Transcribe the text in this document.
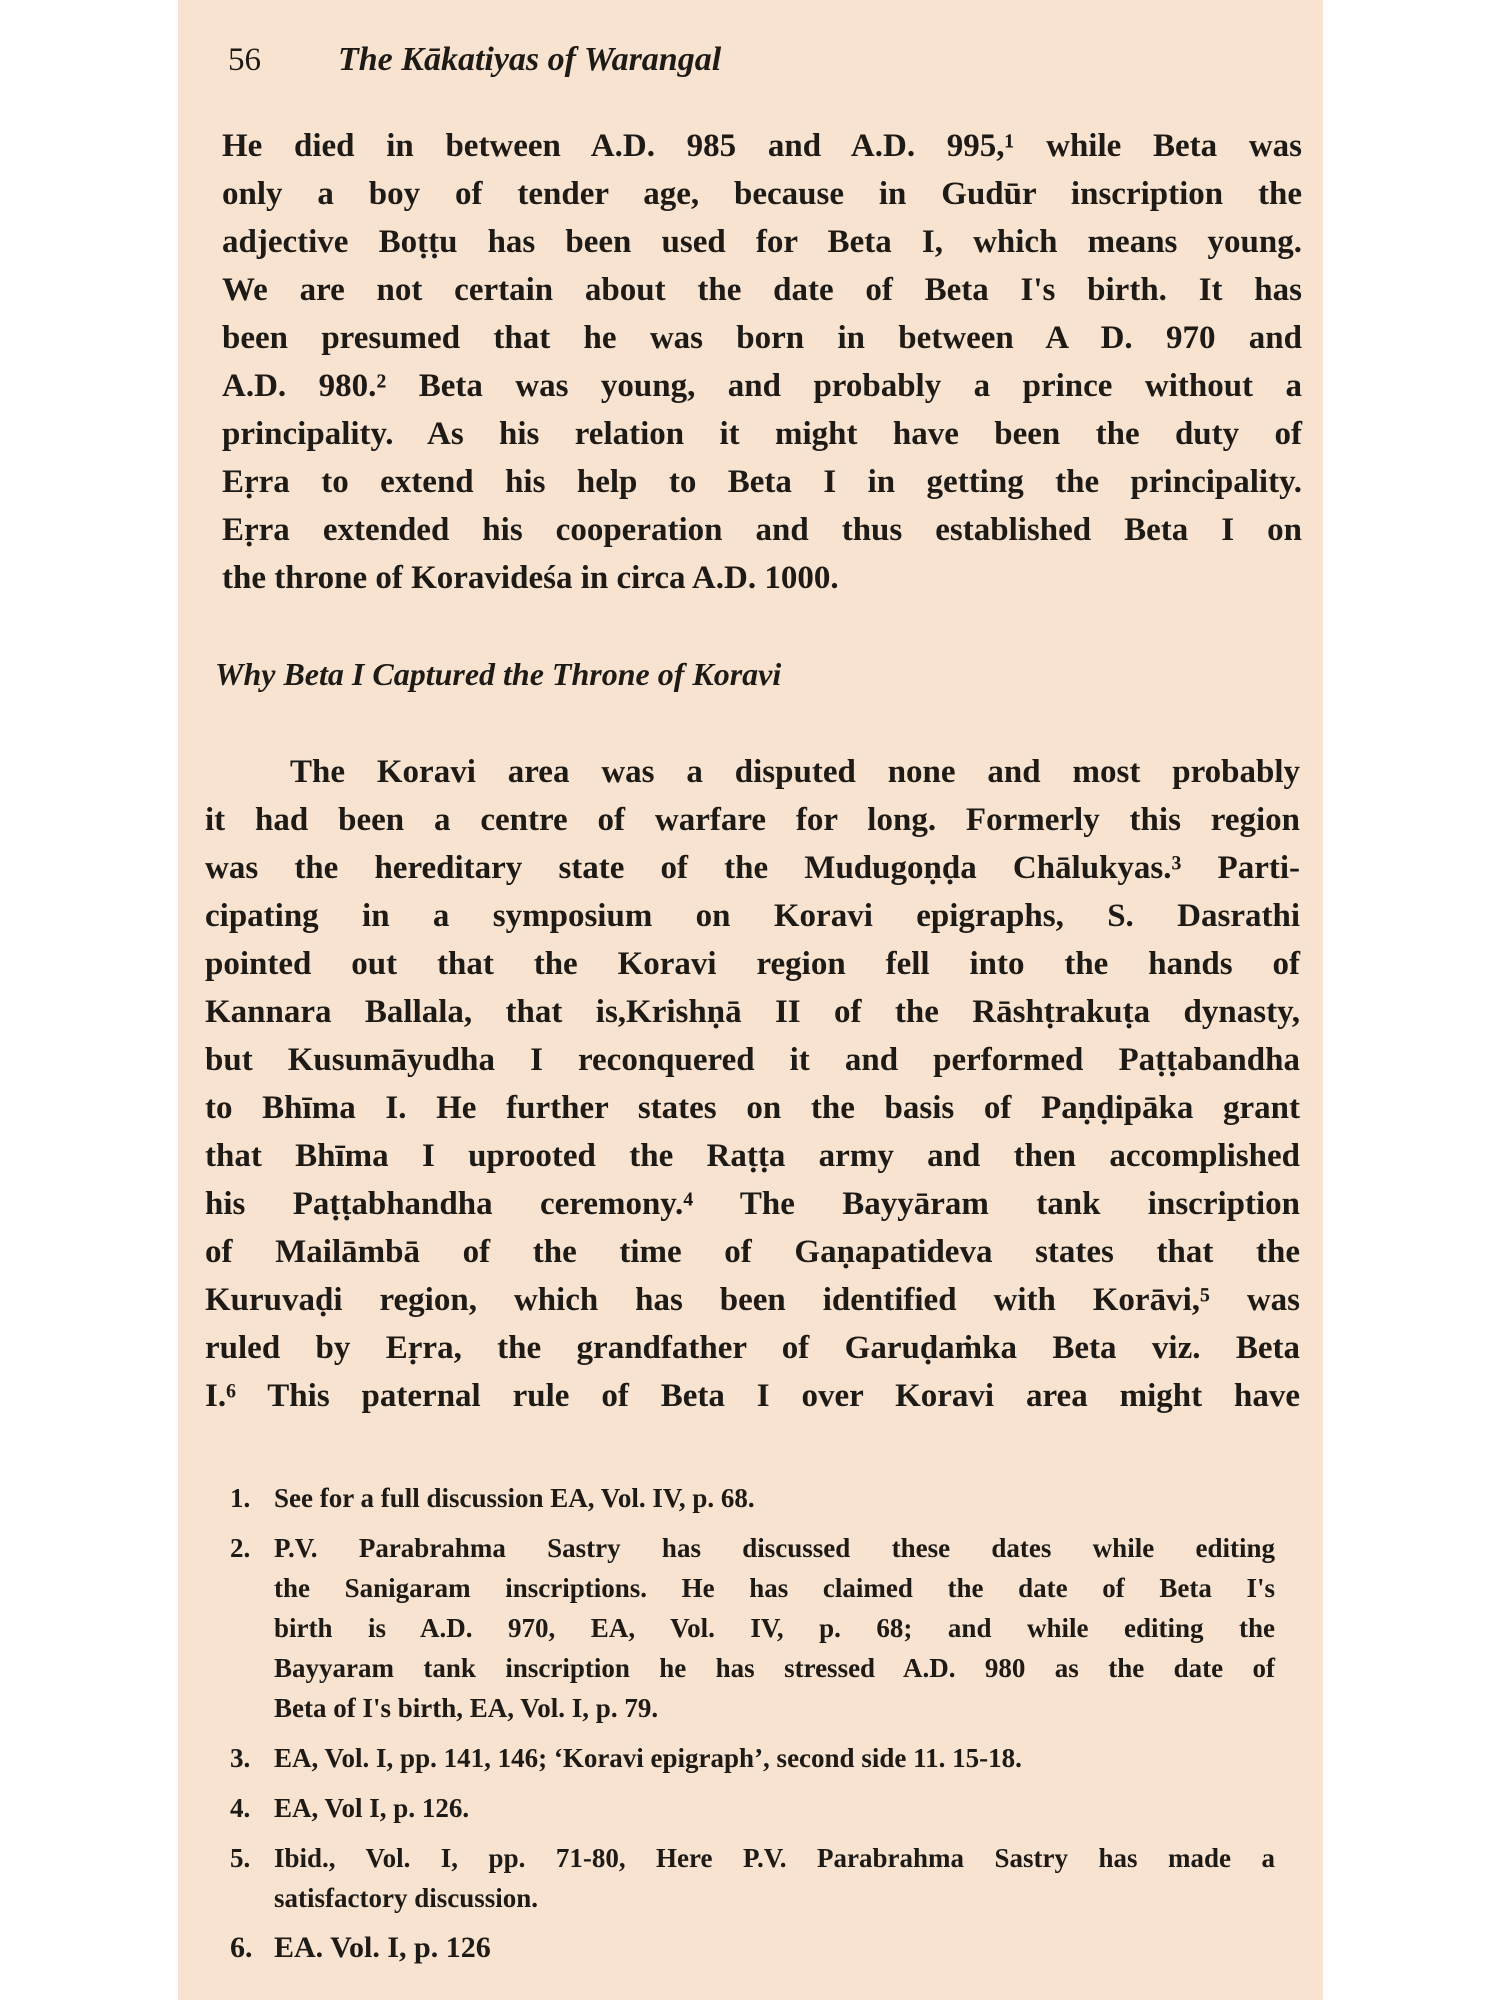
56 The Kākatiyas of Warangal
He died in between A.D. 985 and A.D. 995,¹ while Beta was
only a boy of tender age, because in Gudūr inscription the
adjective Boṭṭu has been used for Beta I, which means young.
We are not certain about the date of Beta I's birth. It has
been presumed that he was born in between A D. 970 and
A.D. 980.² Beta was young, and probably a prince without a
principality. As his relation it might have been the duty of
Eṛra to extend his help to Beta I in getting the principality.
Eṛra extended his cooperation and thus established Beta I on
the throne of Koravideśa in circa A.D. 1000.
Why Beta I Captured the Throne of Koravi
The Koravi area was a disputed none and most probably
it had been a centre of warfare for long. Formerly this region
was the hereditary state of the Mudugoṇḍa Chālukyas.³ Parti-
cipating in a symposium on Koravi epigraphs, S. Dasrathi
pointed out that the Koravi region fell into the hands of
Kannara Ballala, that is,Krishṇā II of the Rāshṭrakuṭa dynasty,
but Kusumāyudha I reconquered it and performed Paṭṭabandha
to Bhīma I. He further states on the basis of Paṇḍipāka grant
that Bhīma I uprooted the Raṭṭa army and then accomplished
his Paṭṭabhandha ceremony.⁴ The Bayyāram tank inscription
of Mailāmbā of the time of Gaṇapatideva states that the
Kuruvaḍi region, which has been identified with Korāvi,⁵ was
ruled by Eṛra, the grandfather of Garuḍaṁka Beta viz. Beta
I.⁶ This paternal rule of Beta I over Koravi area might have
1. See for a full discussion EA, Vol. IV, p. 68.
2. P.V. Parabrahma Sastry has discussed these dates while editing
the Sanigaram inscriptions. He has claimed the date of Beta I's
birth is A.D. 970, EA, Vol. IV, p. 68; and while editing the
Bayyaram tank inscription he has stressed A.D. 980 as the date of
Beta of I's birth, EA, Vol. I, p. 79.
3. EA, Vol. I, pp. 141, 146; ‘Koravi epigraph’, second side 11. 15-18.
4. EA, Vol I, p. 126.
5. Ibid., Vol. I, pp. 71-80, Here P.V. Parabrahma Sastry has made a
satisfactory discussion.
6. EA. Vol. I, p. 126
